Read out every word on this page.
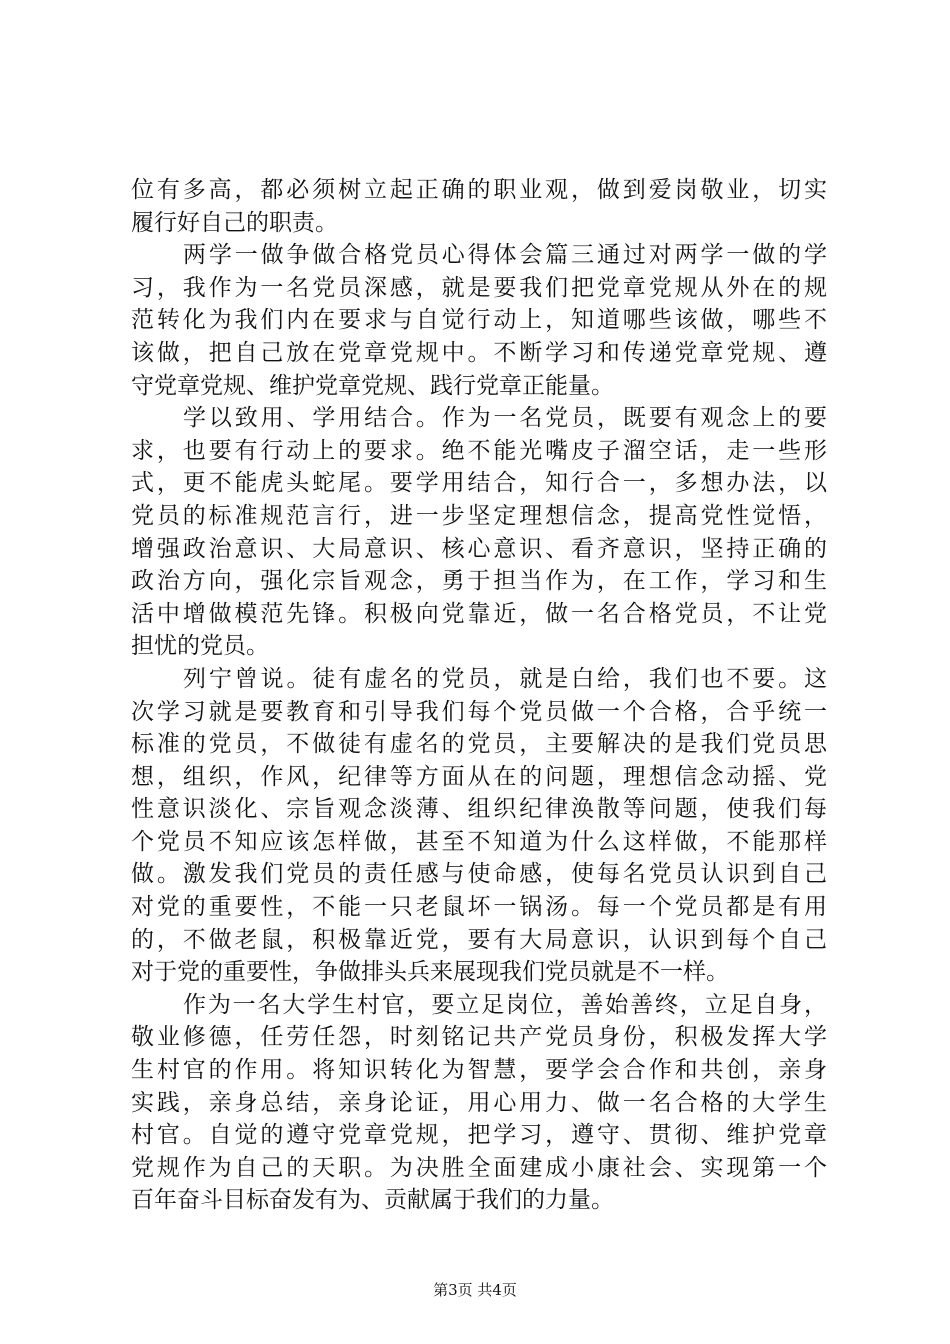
位有多高，都必须树立起正确的职业观，做到爱岗敬业，切实
履行好自己的职责。
两学一做争做合格党员心得体会篇三通过对两学一做的学
习，我作为一名党员深感，就是要我们把党章党规从外在的规
范转化为我们内在要求与自觉行动上，知道哪些该做，哪些不
该做，把自己放在党章党规中。不断学习和传递党章党规、遵
守党章党规、维护党章党规、践行党章正能量。
学以致用、学用结合。作为一名党员，既要有观念上的要
求，也要有行动上的要求。绝不能光嘴皮子溜空话，走一些形
式，更不能虎头蛇尾。要学用结合，知行合一，多想办法，以
党员的标准规范言行，进一步坚定理想信念，提高党性觉悟，
增强政治意识、大局意识、核心意识、看齐意识，坚持正确的
政治方向，强化宗旨观念，勇于担当作为，在工作，学习和生
活中增做模范先锋。积极向党靠近，做一名合格党员，不让党
担忧的党员。
列宁曾说。徒有虚名的党员，就是白给，我们也不要。这
次学习就是要教育和引导我们每个党员做一个合格，合乎统一
标准的党员，不做徒有虚名的党员，主要解决的是我们党员思
想，组织，作风，纪律等方面从在的问题，理想信念动摇、党
性意识淡化、宗旨观念淡薄、组织纪律涣散等问题，使我们每
个党员不知应该怎样做，甚至不知道为什么这样做，不能那样
做。激发我们党员的责任感与使命感，使每名党员认识到自己
对党的重要性，不能一只老鼠坏一锅汤。每一个党员都是有用
的，不做老鼠，积极靠近党，要有大局意识，认识到每个自己
对于党的重要性，争做排头兵来展现我们党员就是不一样。
作为一名大学生村官，要立足岗位，善始善终，立足自身，
敬业修德，任劳任怨，时刻铭记共产党员身份，积极发挥大学
生村官的作用。将知识转化为智慧，要学会合作和共创，亲身
实践，亲身总结，亲身论证，用心用力、做一名合格的大学生
村官。自觉的遵守党章党规，把学习，遵守、贯彻、维护党章
党规作为自己的天职。为决胜全面建成小康社会、实现第一个
百年奋斗目标奋发有为、贡献属于我们的力量。
第3页 共4页
